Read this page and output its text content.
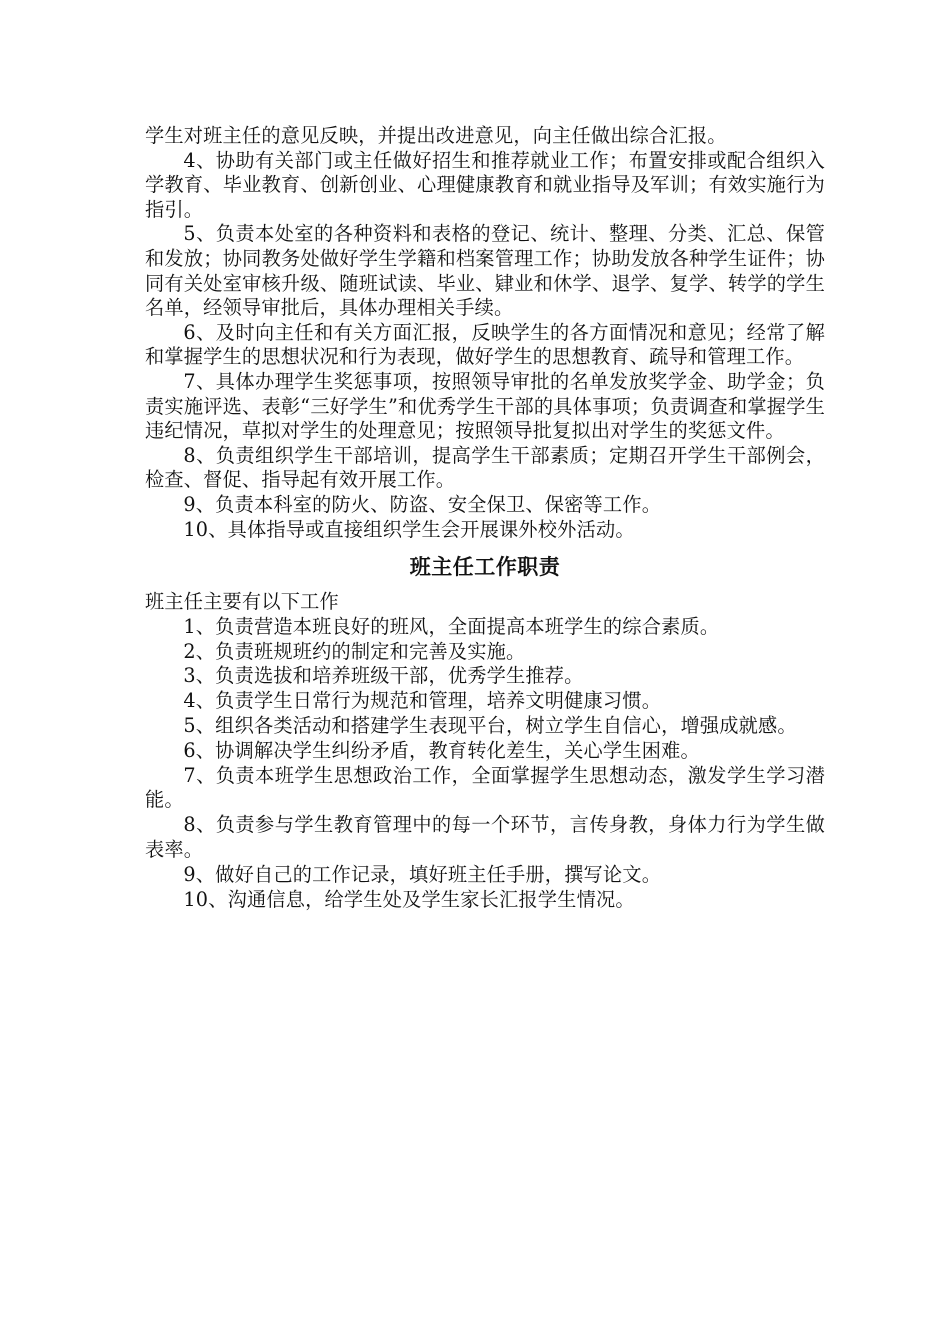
学生对班主任的意见反映，并提出改进意见，向主任做出综合汇报。

4、协助有关部门或主任做好招生和推荐就业工作；布置安排或配合组织入学教育、毕业教育、创新创业、心理健康教育和就业指导及军训；有效实施行为指引。

5、负责本处室的各种资料和表格的登记、统计、整理、分类、汇总、保管和发放；协同教务处做好学生学籍和档案管理工作；协助发放各种学生证件；协同有关处室审核升级、随班试读、毕业、肄业和休学、退学、复学、转学的学生名单，经领导审批后，具体办理相关手续。

6、及时向主任和有关方面汇报，反映学生的各方面情况和意见；经常了解和掌握学生的思想状况和行为表现，做好学生的思想教育、疏导和管理工作。

7、具体办理学生奖惩事项，按照领导审批的名单发放奖学金、助学金；负责实施评选、表彰“三好学生”和优秀学生干部的具体事项；负责调查和掌握学生违纪情况，草拟对学生的处理意见；按照领导批复拟出对学生的奖惩文件。

8、负责组织学生干部培训，提高学生干部素质；定期召开学生干部例会，检查、督促、指导起有效开展工作。

9、负责本科室的防火、防盗、安全保卫、保密等工作。

10、具体指导或直接组织学生会开展课外校外活动。

班主任工作职责

班主任主要有以下工作

1、负责营造本班良好的班风，全面提高本班学生的综合素质。

2、负责班规班约的制定和完善及实施。

3、负责选拔和培养班级干部，优秀学生推荐。

4、负责学生日常行为规范和管理，培养文明健康习惯。

5、组织各类活动和搭建学生表现平台，树立学生自信心，增强成就感。

6、协调解决学生纠纷矛盾，教育转化差生，关心学生困难。

7、负责本班学生思想政治工作，全面掌握学生思想动态，激发学生学习潜能。

8、负责参与学生教育管理中的每一个环节，言传身教，身体力行为学生做表率。

9、做好自己的工作记录，填好班主任手册，撰写论文。

10、沟通信息，给学生处及学生家长汇报学生情况。
